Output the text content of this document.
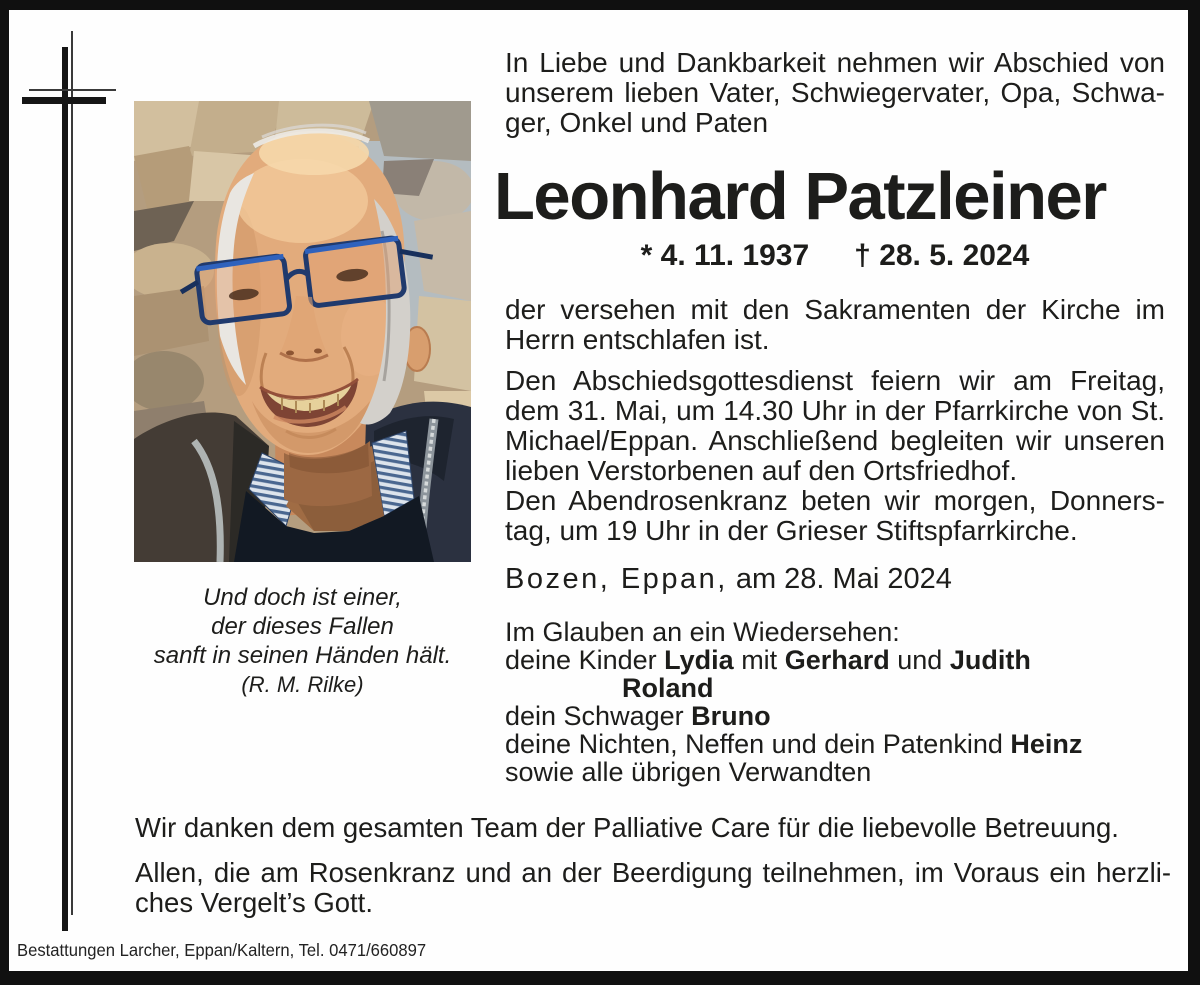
Und doch ist einer,
der dieses Fallen
sanft in seinen Händen hält.
(R. M. Rilke)
In Liebe und Dankbarkeit nehmen wir Abschied von
unserem lieben Vater, Schwiegervater, Opa, Schwa-
ger, Onkel und Paten
Leonhard Patzleiner
* 4. 11. 1937 † 28. 5. 2024
der versehen mit den Sakramenten der Kirche im
Herrn entschlafen ist.
Den Abschiedsgottesdienst feiern wir am Freitag,
dem 31. Mai, um 14.30 Uhr in der Pfarrkirche von St.
Michael/Eppan. Anschließend begleiten wir unseren
lieben Verstorbenen auf den Ortsfriedhof.
Den Abendrosenkranz beten wir morgen, Donners-
tag, um 19 Uhr in der Grieser Stiftspfarrkirche.
Bozen, Eppan, am 28. Mai 2024
Im Glauben an ein Wiedersehen:
deine Kinder Lydia mit Gerhard und Judith
Roland
dein Schwager Bruno
deine Nichten, Neffen und dein Patenkind Heinz
sowie alle übrigen Verwandten
Wir danken dem gesamten Team der Palliative Care für die liebevolle Betreuung.
Allen, die am Rosenkranz und an der Beerdigung teilnehmen, im Voraus ein herzli-
ches Vergelt’s Gott.
Bestattungen Larcher, Eppan/Kaltern, Tel. 0471/660897
